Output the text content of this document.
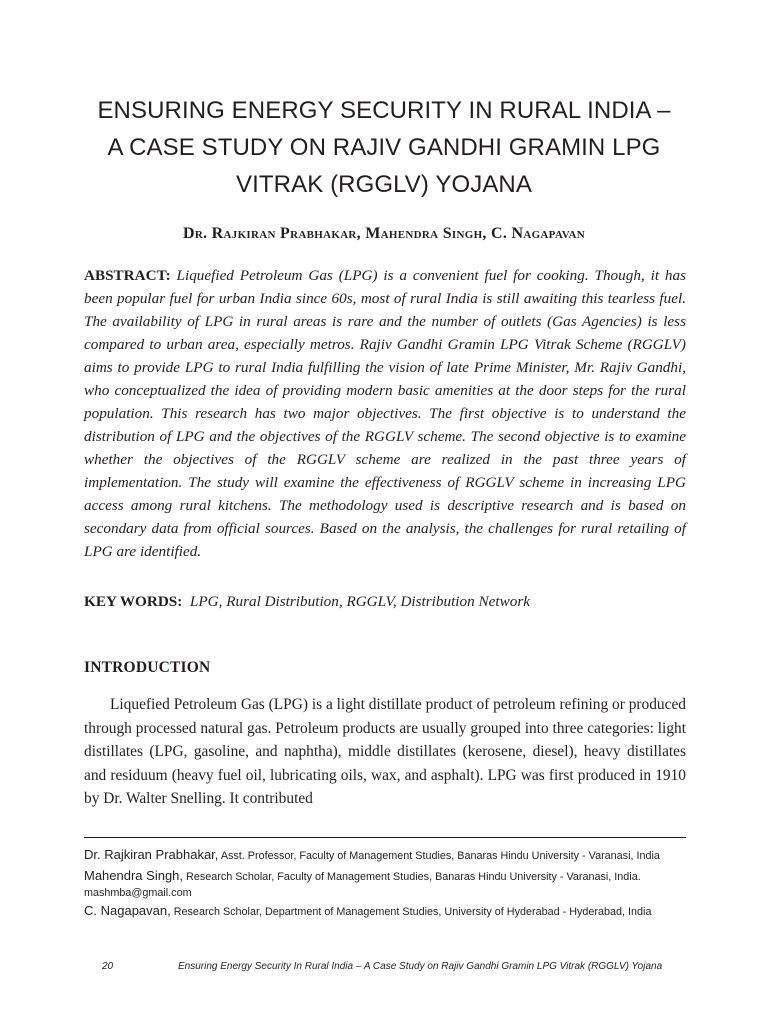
ENSURING ENERGY SECURITY IN RURAL INDIA –
A CASE STUDY ON RAJIV GANDHI GRAMIN LPG
VITRAK (RGGLV) YOJANA
Dr. Rajkiran Prabhakar, Mahendra Singh, C. Nagapavan

ABSTRACT: Liquefied Petroleum Gas (LPG) is a convenient fuel for cooking. Though, it has been popular fuel for urban India since 60s, most of rural India is still awaiting this tearless fuel. The availability of LPG in rural areas is rare and the number of outlets (Gas Agencies) is less compared to urban area, especially metros. Rajiv Gandhi Gramin LPG Vitrak Scheme (RGGLV) aims to provide LPG to rural India fulfilling the vision of late Prime Minister, Mr. Rajiv Gandhi, who conceptualized the idea of providing modern basic amenities at the door steps for the rural population. This research has two major objectives. The first objective is to understand the distribution of LPG and the objectives of the RGGLV scheme. The second objective is to examine whether the objectives of the RGGLV scheme are realized in the past three years of implementation. The study will examine the effectiveness of RGGLV scheme in increasing LPG access among rural kitchens. The methodology used is descriptive research and is based on secondary data from official sources. Based on the analysis, the challenges for rural retailing of LPG are identified.

KEY WORDS: LPG, Rural Distribution, RGGLV, Distribution Network
INTRODUCTION

Liquefied Petroleum Gas (LPG) is a light distillate product of petroleum refining or produced through processed natural gas. Petroleum products are usually grouped into three categories: light distillates (LPG, gasoline, and naphtha), middle distillates (kerosene, diesel), heavy distillates and residuum (heavy fuel oil, lubricating oils, wax, and asphalt). LPG was first produced in 1910 by Dr. Walter Snelling. It contributed

Dr. Rajkiran Prabhakar, Asst. Professor, Faculty of Management Studies, Banaras Hindu University - Varanasi, India

Mahendra Singh, Research Scholar, Faculty of Management Studies, Banaras Hindu University - Varanasi, India. mashmba@gmail.com

C. Nagapavan, Research Scholar, Department of Management Studies, University of Hyderabad - Hyderabad, India

20	Ensuring Energy Security In Rural India – A Case Study on Rajiv Gandhi Gramin LPG Vitrak (RGGLV) Yojana
